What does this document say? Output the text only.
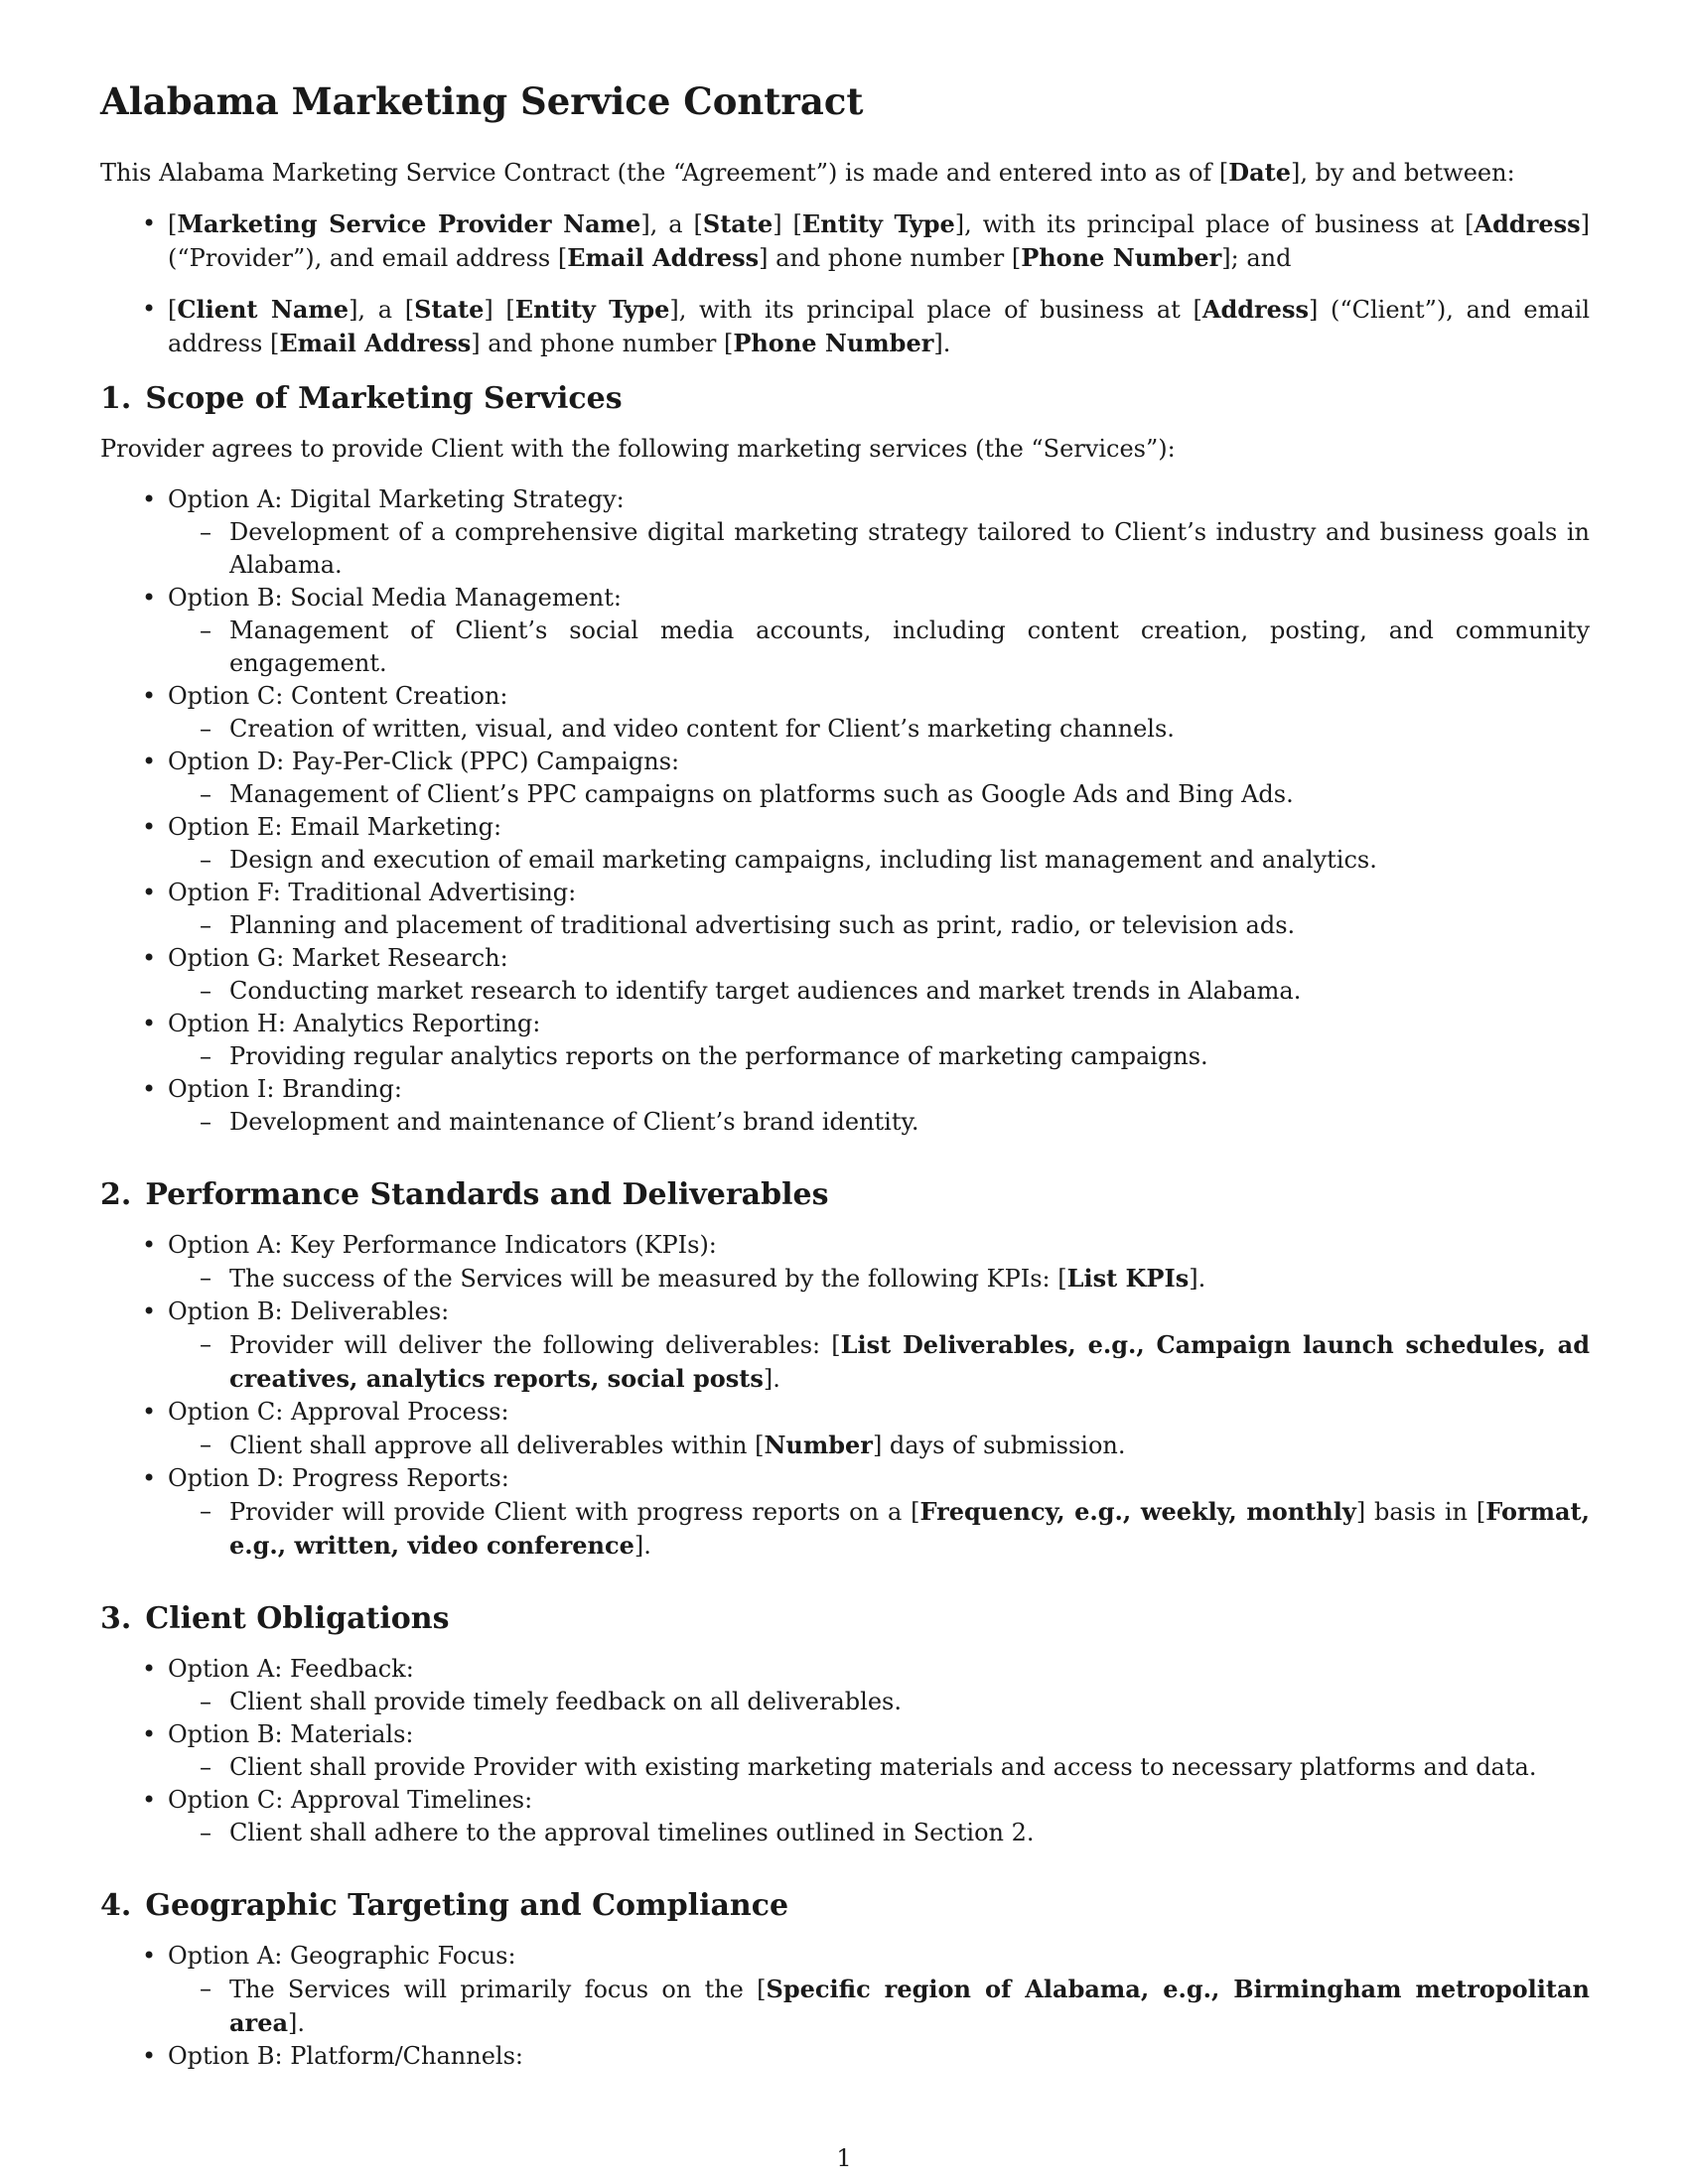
Alabama Marketing Service Contract

This Alabama Marketing Service Contract (the “Agreement”) is made and entered into as of [Date], by and between:

• [Marketing Service Provider Name], a [State] [Entity Type], with its principal place of business at [Address] (“Provider”), and email address [Email Address] and phone number [Phone Number]; and
• [Client Name], a [State] [Entity Type], with its principal place of business at [Address] (“Client”), and email address [Email Address] and phone number [Phone Number].
1. Scope of Marketing Services

Provider agrees to provide Client with the following marketing services (the “Services”):

• Option A: Digital Marketing Strategy:
– Development of a comprehensive digital marketing strategy tailored to Client’s industry and business goals in Alabama.
• Option B: Social Media Management:
– Management of Client’s social media accounts, including content creation, posting, and community engagement.
• Option C: Content Creation:
– Creation of written, visual, and video content for Client’s marketing channels.
• Option D: Pay-Per-Click (PPC) Campaigns:
– Management of Client’s PPC campaigns on platforms such as Google Ads and Bing Ads.
• Option E: Email Marketing:
– Design and execution of email marketing campaigns, including list management and analytics.
• Option F: Traditional Advertising:
– Planning and placement of traditional advertising such as print, radio, or television ads.
• Option G: Market Research:
– Conducting market research to identify target audiences and market trends in Alabama.
• Option H: Analytics Reporting:
– Providing regular analytics reports on the performance of marketing campaigns.
• Option I: Branding:
– Development and maintenance of Client’s brand identity.
2. Performance Standards and Deliverables
• Option A: Key Performance Indicators (KPIs):
– The success of the Services will be measured by the following KPIs: [List KPIs].
• Option B: Deliverables:
– Provider will deliver the following deliverables: [List Deliverables, e.g., Campaign launch schedules, ad creatives, analytics reports, social posts].
• Option C: Approval Process:
– Client shall approve all deliverables within [Number] days of submission.
• Option D: Progress Reports:
– Provider will provide Client with progress reports on a [Frequency, e.g., weekly, monthly] basis in [Format, e.g., written, video conference].
3. Client Obligations
• Option A: Feedback:
– Client shall provide timely feedback on all deliverables.
• Option B: Materials:
– Client shall provide Provider with existing marketing materials and access to necessary platforms and data.
• Option C: Approval Timelines:
– Client shall adhere to the approval timelines outlined in Section 2.
4. Geographic Targeting and Compliance
• Option A: Geographic Focus:
– The Services will primarily focus on the [Specific region of Alabama, e.g., Birmingham metropolitan area].
• Option B: Platform/Channels:
1
